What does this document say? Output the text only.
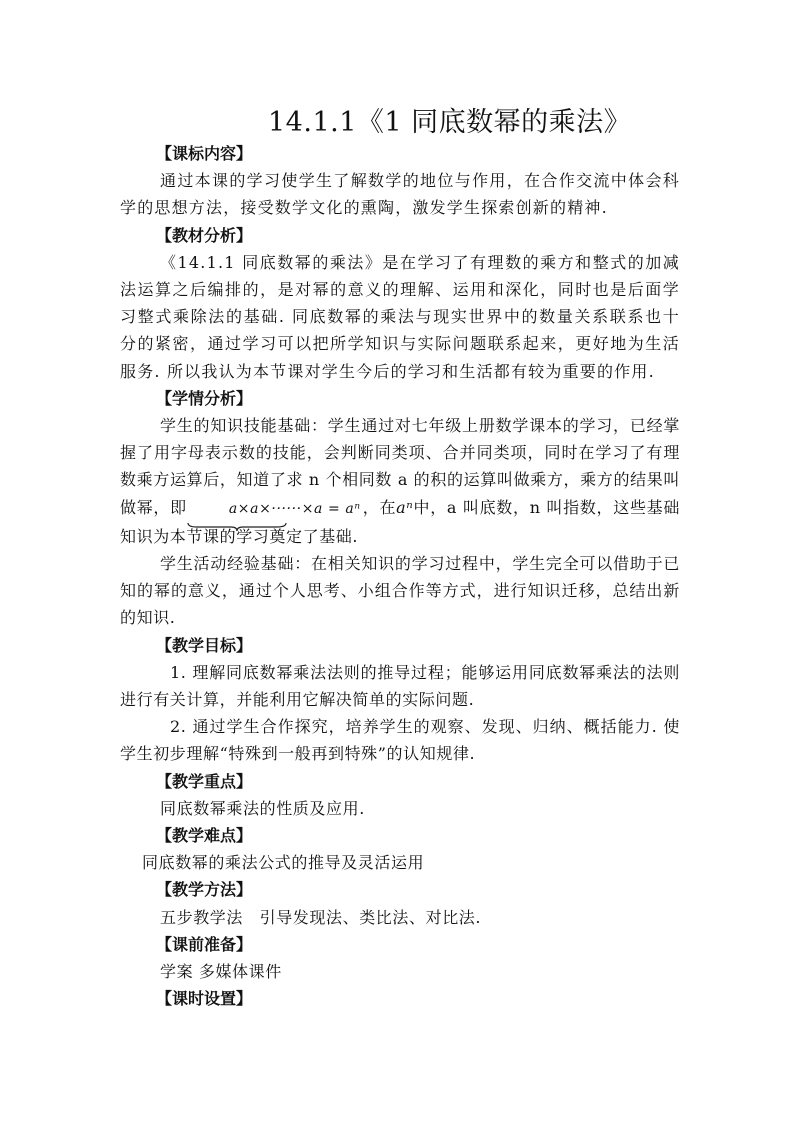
14.1.1《1 同底数幂的乘法》
【课标内容】
通过本课的学习使学生了解数学的地位与作用，在合作交流中体会科学的思想方法，接受数学文化的熏陶，激发学生探索创新的精神.
【教材分析】
《14.1.1 同底数幂的乘法》是在学习了有理数的乘方和整式的加减法运算之后编排的，是对幂的意义的理解、运用和深化，同时也是后面学习整式乘除法的基础. 同底数幂的乘法与现实世界中的数量关系联系也十分的紧密，通过学习可以把所学知识与实际问题联系起来，更好地为生活服务. 所以我认为本节课对学生今后的学习和生活都有较为重要的作用.
【学情分析】
学生的知识技能基础：学生通过对七年级上册数学课本的学习，已经掌握了用字母表示数的技能，会判断同类项、合并同类项，同时在学习了有理数乘方运算后，知道了求 n 个相同数 a 的积的运算叫做乘方，乘方的结果叫做幂，即	a×a×······×a = aⁿ ，在aⁿ中，a 叫底数，n 叫指数，这些基础知识为本节课的学习奠定了基础.
学生活动经验基础：在相关知识的学习过程中，学生完全可以借助于已知的幂的意义，通过个人思考、小组合作等方式，进行知识迁移，总结出新的知识.
【教学目标】
1. 理解同底数幂乘法法则的推导过程；能够运用同底数幂乘法的法则进行有关计算，并能利用它解决简单的实际问题.
2. 通过学生合作探究，培养学生的观察、发现、归纳、概括能力. 使学生初步理解“特殊到一般再到特殊”的认知规律.
【教学重点】
同底数幂乘法的性质及应用.
【教学难点】
同底数幂的乘法公式的推导及灵活运用
【教学方法】
五步教学法　引导发现法、类比法、对比法.
【课前准备】
学案 多媒体课件
【课时设置】
